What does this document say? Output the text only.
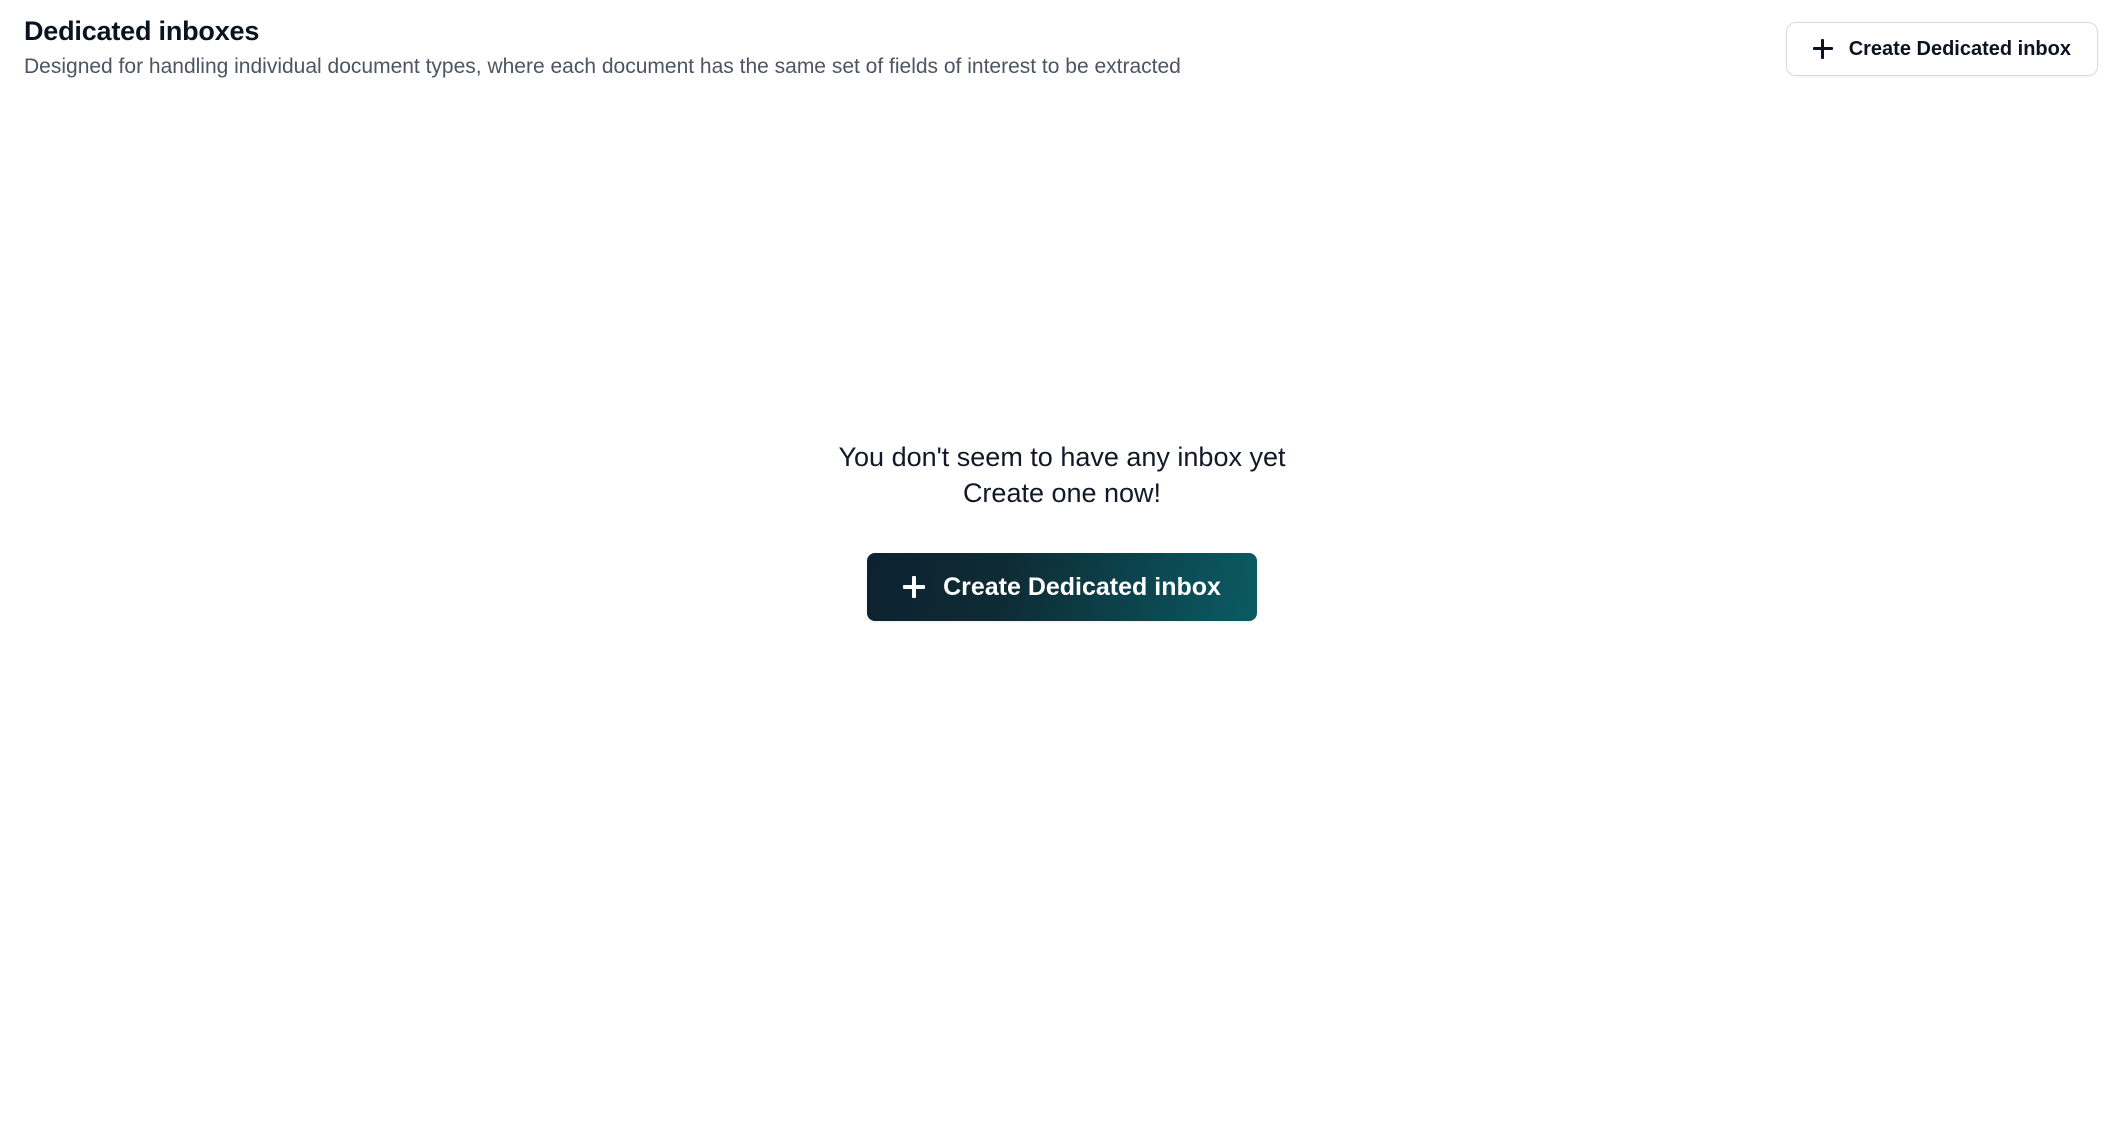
Dedicated inboxes
Designed for handling individual document types, where each document has the same set of fields of interest to be extracted
Create Dedicated inbox
You don't seem to have any inbox yet
Create one now!
Create Dedicated inbox
